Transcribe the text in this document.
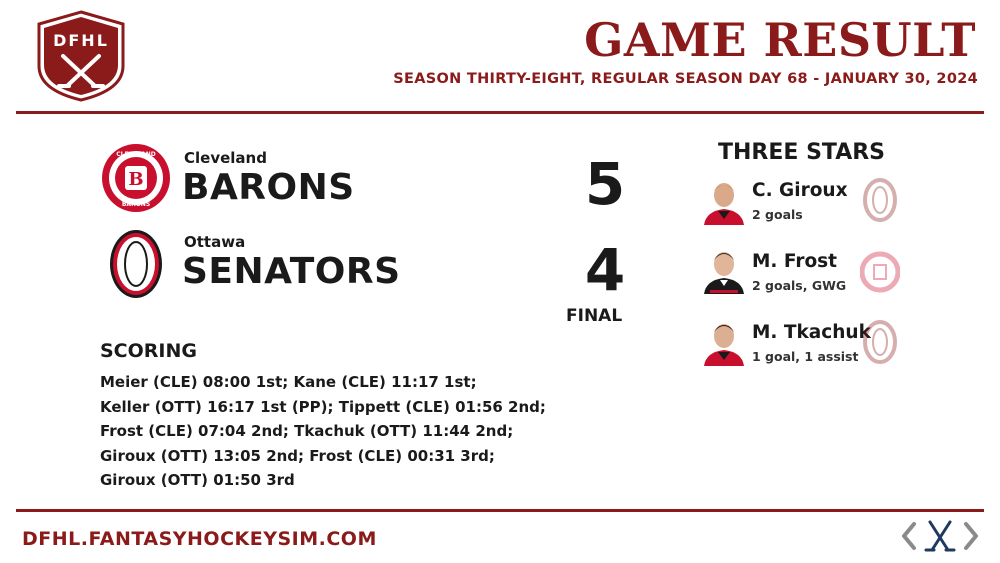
DFHL	GAME RESULT
SEASON THIRTY-EIGHT, REGULAR SEASON DAY 68 - JANUARY 30, 2024
B
CLEVELAND
BARONS
Cleveland
BARONS	5
Ottawa
SENATORS	4
FINAL
SCORING
Meier (CLE) 08:00 1st; Kane (CLE) 11:17 1st;
Keller (OTT) 16:17 1st (PP); Tippett (CLE) 01:56 2nd;
Frost (CLE) 07:04 2nd; Tkachuk (OTT) 11:44 2nd;
Giroux (OTT) 13:05 2nd; Frost (CLE) 00:31 3rd;
Giroux (OTT) 01:50 3rd
THREE STARS
C. Giroux
2 goals
M. Frost
2 goals, GWG
M. Tkachuk
1 goal, 1 assist
DFHL.FANTASYHOCKEYSIM.COM
